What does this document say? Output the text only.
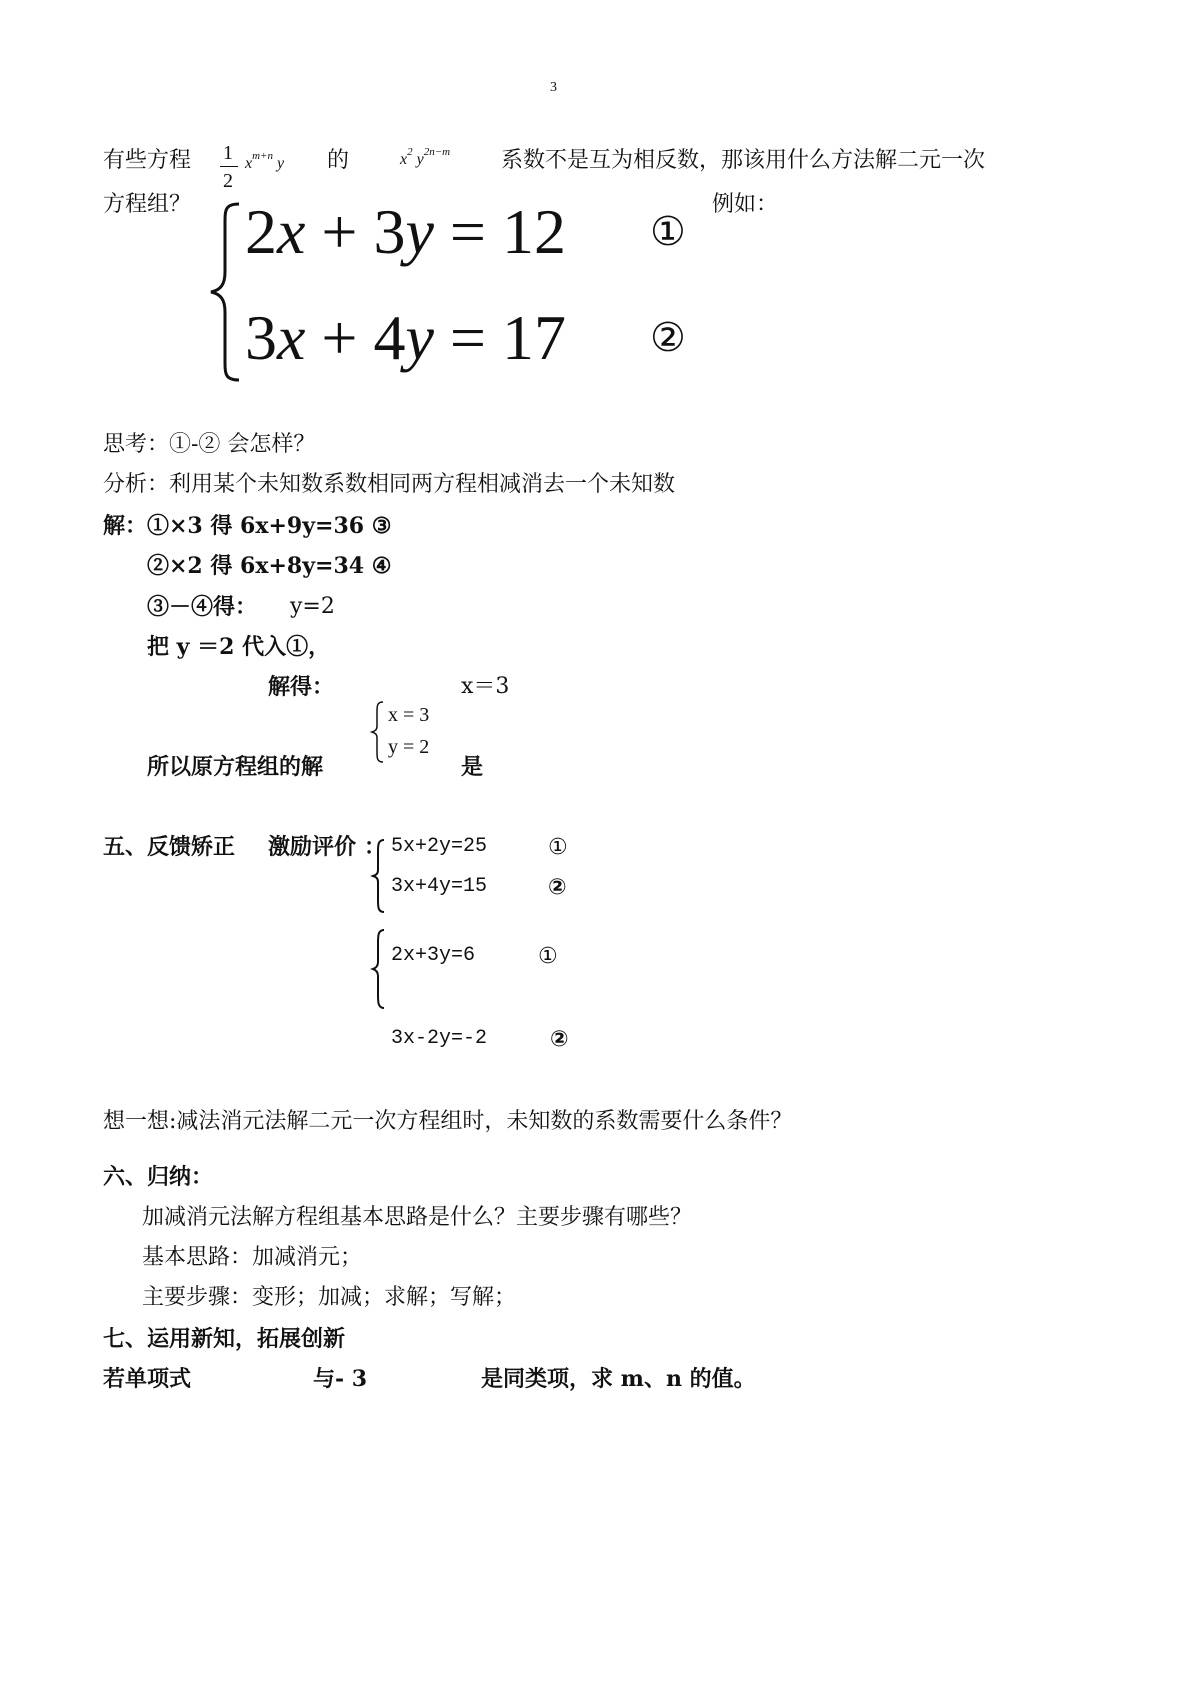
3
有些方程 1
2
$x^{m+n}$ y 的	$x^2$ $y^{2n-m}$ 系数不是互为相反数，那该用什么方法解二元一次
方程组？	例如：
2x + 3y = 12 ①
3x + 4y = 17 ②
思考：①-② 会怎样？
分析：利用某个未知数系数相同两方程相减消去一个未知数
解： ①×3 得 6x+9y=36 ③
②×2 得 6x+8y=34 ④
③－④得： y=2
把 y ＝2 代入①，
解得：	x＝3
x = 3
y = 2
所以原方程组的解	是
五、反馈矫正 激励评价 ： 5x+2y=25	①
3x+4y=15	②
2x+3y=6	①
3x-2y=-2	②
想一想:减法消元法解二元一次方程组时，未知数的系数需要什么条件？
六、归纳：
加减消元法解方程组基本思路是什么？主要步骤有哪些？
基本思路：加减消元；
主要步骤：变形；加减；求解；写解；
七、运用新知，拓展创新
若单项式	与- 3	是同类项，求 m、n 的值。
